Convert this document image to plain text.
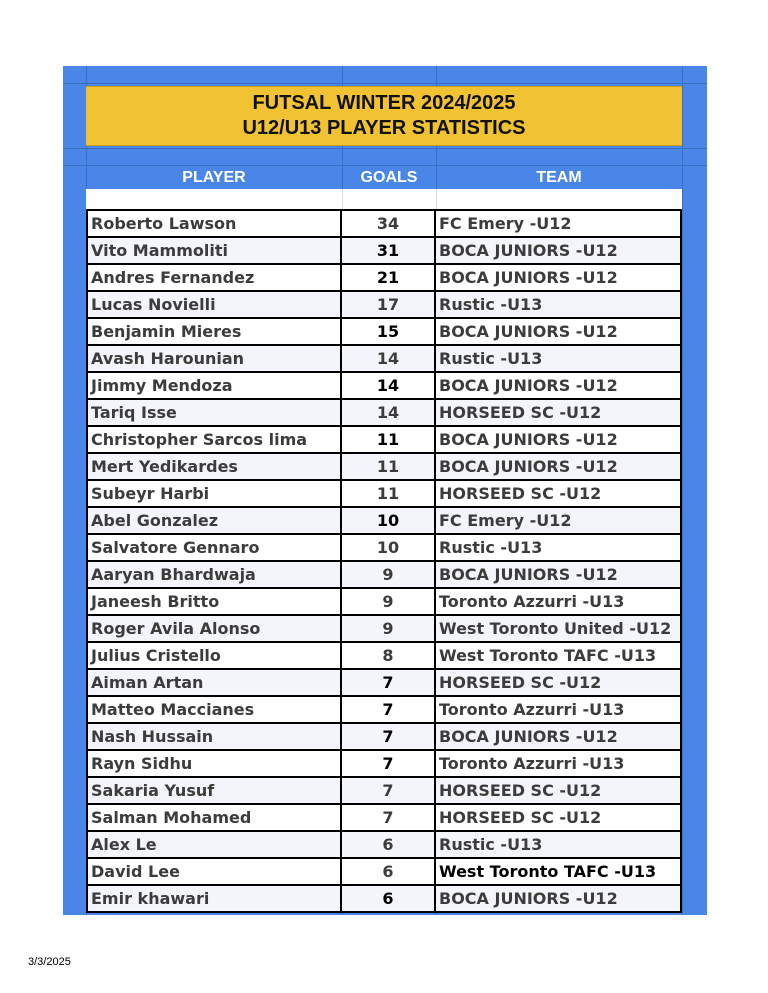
FUTSAL WINTER 2024/2025
U12/U13 PLAYER STATISTICS
PLAYER	GOALS	TEAM
Roberto Lawson	34	FC Emery -U12
Vito Mammoliti	31	BOCA JUNIORS -U12
Andres Fernandez	21	BOCA JUNIORS -U12
Lucas Novielli	17	Rustic -U13
Benjamin Mieres	15	BOCA JUNIORS -U12
Avash Harounian	14	Rustic -U13
Jimmy Mendoza	14	BOCA JUNIORS -U12
Tariq Isse	14	HORSEED SC -U12
Christopher Sarcos lima	11	BOCA JUNIORS -U12
Mert Yedikardes	11	BOCA JUNIORS -U12
Subeyr Harbi	11	HORSEED SC -U12
Abel Gonzalez	10	FC Emery -U12
Salvatore Gennaro	10	Rustic -U13
Aaryan Bhardwaja	9	BOCA JUNIORS -U12
Janeesh Britto	9	Toronto Azzurri -U13
Roger Avila Alonso	9	West Toronto United -U12
Julius Cristello	8	West Toronto TAFC -U13
Aiman Artan	7	HORSEED SC -U12
Matteo Maccianes	7	Toronto Azzurri -U13
Nash Hussain	7	BOCA JUNIORS -U12
Rayn Sidhu	7	Toronto Azzurri -U13
Sakaria Yusuf	7	HORSEED SC -U12
Salman Mohamed	7	HORSEED SC -U12
Alex Le	6	Rustic -U13
David Lee	6	West Toronto TAFC -U13
Emir khawari	6	BOCA JUNIORS -U12
3/3/2025
